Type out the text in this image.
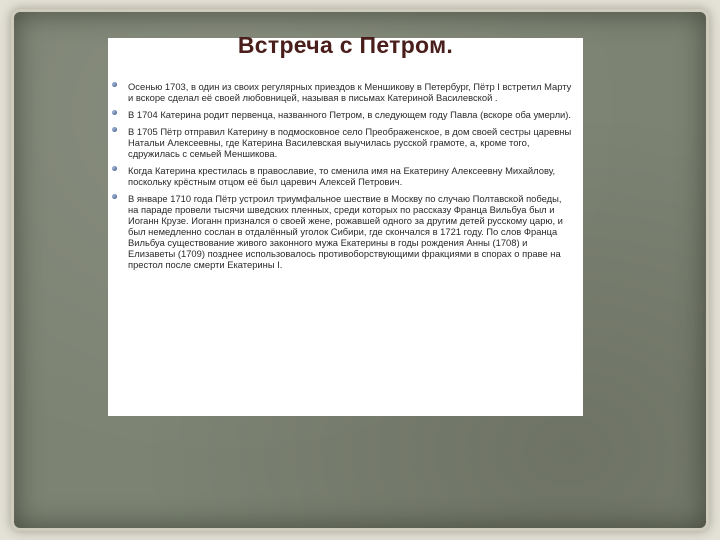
Встреча с Петром.
Осенью 1703, в один из своих регулярных приездов к Меншикову в Петербург, Пётр I встретил Марту и вскоре сделал её своей любовницей, называя в письмах Катериной Василевской .
В 1704 Катерина родит первенца, названного Петром, в следующем году Павла (вскоре оба умерли).
В 1705 Пётр отправил Катерину в подмосковное село Преображенское, в дом своей сестры царевны Натальи Алексеевны, где Катерина Василевская выучилась русской грамоте, а, кроме того, сдружилась с семьей Меншикова.
Когда Катерина крестилась в православие, то сменила имя на Екатерину Алексеевну Михайлову, поскольку крёстным отцом её был царевич Алексей Петрович.
В январе 1710 года Пётр устроил триумфальное шествие в Москву по случаю Полтавской победы, на параде провели тысячи шведских пленных, среди которых по рассказу Франца Вильбуа был и Иоганн Крузе. Иоганн признался о своей жене, рожавшей одного за другим детей русскому царю, и был немедленно сослан в отдалённый уголок Сибири, где скончался в 1721 году. По слов Франца Вильбуа существование живого законного мужа Екатерины в годы рождения Анны (1708) и Елизаветы (1709) позднее использовалось противоборствующими фракциями в спорах о праве на престол после смерти Екатерины I.
